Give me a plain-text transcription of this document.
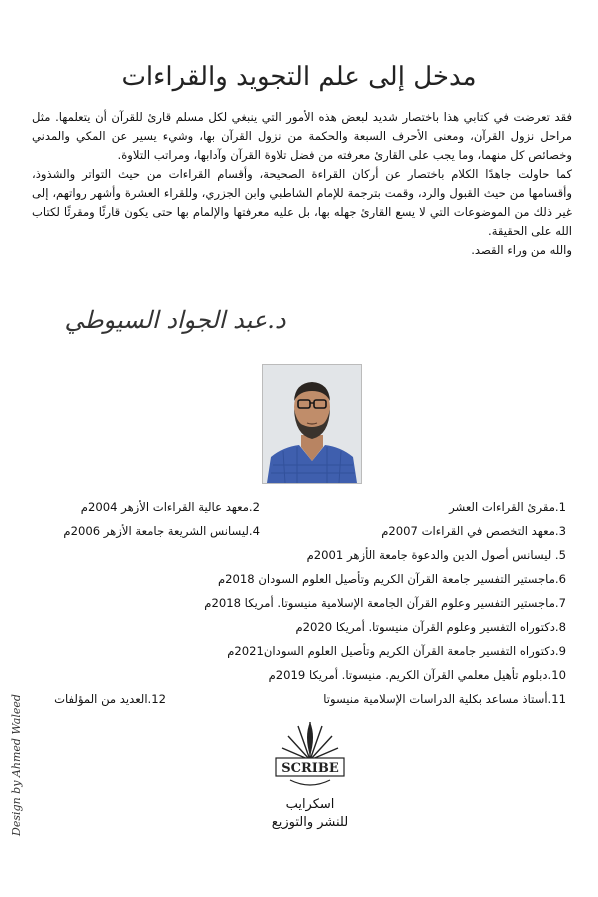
مدخل إلى علم التجويد والقراءات

فقد تعرضت في كتابي هذا باختصار شديد لبعض هذه الأمور التي ينبغي لكل مسلم قارئ للقرآن أن يتعلمها. مثل مراحل نزول القرآن، ومعنى الأحرف السبعة والحكمة من نزول القرآن بها، وشيء يسير عن المكي والمدني وخصائص كل منهما، وما يجب على القارئ معرفته من فضل تلاوة القرآن وآدابها، ومراتب التلاوة.

كما حاولت جاهدًا الكلام باختصار عن أركان القراءة الصحيحة، وأقسام القراءات من حيث التواتر والشذوذ، وأقسامها من حيث القبول والرد، وقمت بترجمة للإمام الشاطبي وابن الجزري، وللقراء العشرة وأشهر رواتهم، إلى غير ذلك من الموضوعات التي لا يسع القارئ جهله بها، بل عليه معرفتها والإلمام بها حتى يكون قارئًا ومقرئًا لكتاب الله على الحقيقة.

والله من وراء القصد.

د.عبد الجواد السيوطي
1.مقرئ القراءات العشر
2.معهد عالية القراءات الأزهر 2004م
3.معهد التخصص في القراءات 2007م
4.ليسانس الشريعة جامعة الأزهر 2006م
5. ليسانس أصول الدين والدعوة جامعة الأزهر 2001م
6.ماجستير التفسير جامعة القرآن الكريم وتأصيل العلوم السودان 2018م
7.ماجستير التفسير وعلوم القرآن الجامعة الإسلامية منيسوتا. أمريكا 2018م
8.دكتوراه التفسير وعلوم القرآن منيسوتا. أمريكا 2020م
9.دكتوراه التفسير جامعة القرآن الكريم وتأصيل العلوم السودان2021م
10.دبلوم تأهيل معلمي القرآن الكريم. منيسوتا. أمريكا 2019م
11.أستاذ مساعد بكلية الدراسات الإسلامية منيسوتا
12.العديد من المؤلفات
SCRIBE
اسكرايب
للنشر والتوزيع
Design by Ahmed Waleed
